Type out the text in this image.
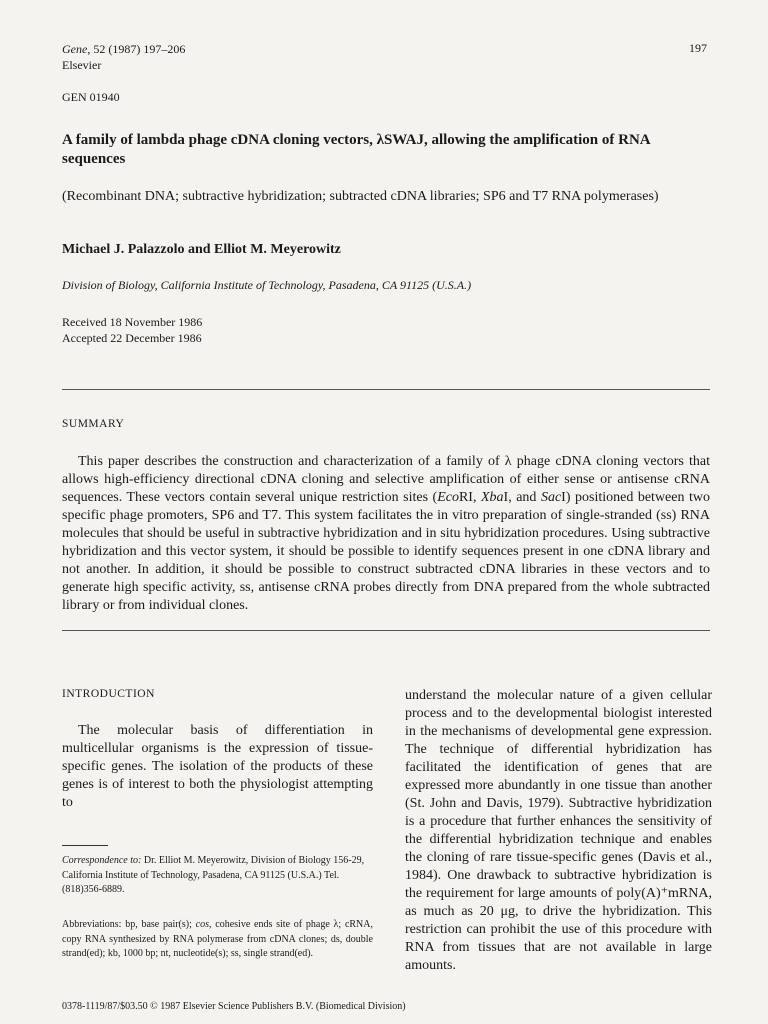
Gene, 52 (1987) 197–206
Elsevier
197
GEN 01940
A family of lambda phage cDNA cloning vectors, λSWAJ, allowing the amplification of RNA sequences
(Recombinant DNA; subtractive hybridization; subtracted cDNA libraries; SP6 and T7 RNA polymerases)
Michael J. Palazzolo and Elliot M. Meyerowitz
Division of Biology, California Institute of Technology, Pasadena, CA 91125 (U.S.A.)
Received 18 November 1986
Accepted 22 December 1986
SUMMARY
This paper describes the construction and characterization of a family of λ phage cDNA cloning vectors that allows high-efficiency directional cDNA cloning and selective amplification of either sense or antisense cRNA sequences. These vectors contain several unique restriction sites (EcoRI, XbaI, and SacI) positioned between two specific phage promoters, SP6 and T7. This system facilitates the in vitro preparation of single-stranded (ss) RNA molecules that should be useful in subtractive hybridization and in situ hybridization procedures. Using subtractive hybridization and this vector system, it should be possible to identify sequences present in one cDNA library and not another. In addition, it should be possible to construct subtracted cDNA libraries in these vectors and to generate high specific activity, ss, antisense cRNA probes directly from DNA prepared from the whole subtracted library or from individual clones.
INTRODUCTION
The molecular basis of differentiation in multicellular organisms is the expression of tissue-specific genes. The isolation of the products of these genes is of interest to both the physiologist attempting to
Correspondence to: Dr. Elliot M. Meyerowitz, Division of Biology 156-29, California Institute of Technology, Pasadena, CA 91125 (U.S.A.) Tel. (818)356-6889.
Abbreviations: bp, base pair(s); cos, cohesive ends site of phage λ; cRNA, copy RNA synthesized by RNA polymerase from cDNA clones; ds, double strand(ed); kb, 1000 bp; nt, nucleotide(s); ss, single strand(ed).
understand the molecular nature of a given cellular process and to the developmental biologist interested in the mechanisms of developmental gene expression. The technique of differential hybridization has facilitated the identification of genes that are expressed more abundantly in one tissue than another (St. John and Davis, 1979). Subtractive hybridization is a procedure that further enhances the sensitivity of the differential hybridization technique and enables the cloning of rare tissue-specific genes (Davis et al., 1984). One drawback to subtractive hybridization is the requirement for large amounts of poly(A)⁺mRNA, as much as 20 μg, to drive the hybridization. This restriction can prohibit the use of this procedure with RNA from tissues that are not available in large amounts.
0378-1119/87/$03.50 © 1987 Elsevier Science Publishers B.V. (Biomedical Division)
